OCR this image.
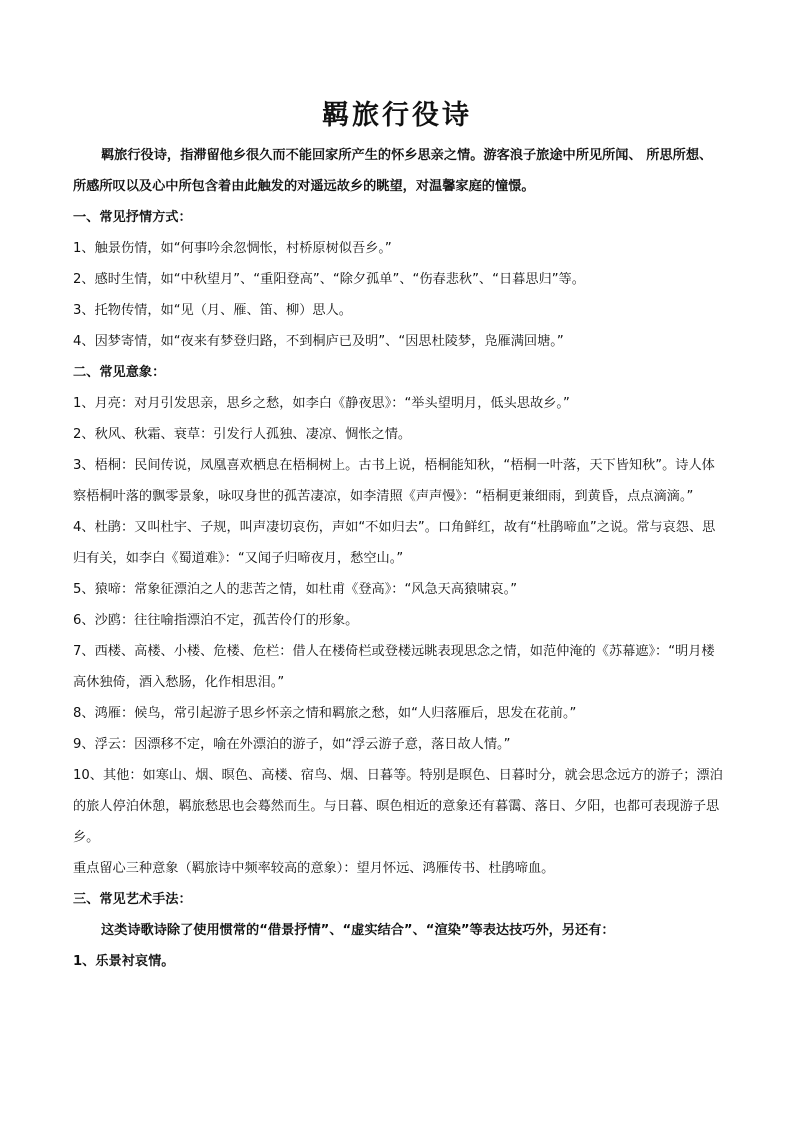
羁旅行役诗

羁旅行役诗，指滞留他乡很久而不能回家所产生的怀乡思亲之情。游客浪子旅途中所见所闻、 所思所想、所感所叹以及心中所包含着由此触发的对遥远故乡的眺望，对温馨家庭的憧憬。

一、常见抒情方式：

1、触景伤情，如“何事吟余忽惆怅，村桥原树似吾乡。”

2、感时生情，如“中秋望月”、“重阳登高”、“除夕孤单”、“伤春悲秋”、“日暮思归”等。

3、托物传情，如“见（月、雁、笛、柳）思人。

4、因梦寄情，如“夜来有梦登归路，不到桐庐已及明”、“因思杜陵梦，凫雁满回塘。”

二、常见意象：

1、月亮：对月引发思亲，思乡之愁，如李白《静夜思》：“举头望明月，低头思故乡。”

2、秋风、秋霜、衰草：引发行人孤独、凄凉、惆怅之情。

3、梧桐：民间传说，凤凰喜欢栖息在梧桐树上。古书上说，梧桐能知秋，“梧桐一叶落，天下皆知秋”。诗人体察梧桐叶落的飘零景象，咏叹身世的孤苦凄凉，如李清照《声声慢》：“梧桐更兼细雨，到黄昏，点点滴滴。”

4、杜鹃：又叫杜宇、子规，叫声凄切哀伤，声如“不如归去”。口角鲜红，故有“杜鹃啼血”之说。常与哀怨、思归有关，如李白《蜀道难》：“又闻子归啼夜月，愁空山。”

5、猿啼：常象征漂泊之人的悲苦之情，如杜甫《登高》：“风急天高猿啸哀。”

6、沙鸥：往往喻指漂泊不定，孤苦伶仃的形象。

7、西楼、高楼、小楼、危楼、危栏：借人在楼倚栏或登楼远眺表现思念之情，如范仲淹的《苏幕遮》：“明月楼高休独倚，酒入愁肠，化作相思泪。”

8、鸿雁：候鸟，常引起游子思乡怀亲之情和羁旅之愁，如“人归落雁后，思发在花前。”

9、浮云：因漂移不定，喻在外漂泊的游子，如“浮云游子意，落日故人情。”

10、其他：如寒山、烟、暝色、高楼、宿鸟、烟、日暮等。特别是暝色、日暮时分，就会思念远方的游子；漂泊的旅人停泊休憩，羁旅愁思也会蓦然而生。与日暮、暝色相近的意象还有暮霭、落日、夕阳，也都可表现游子思乡。

重点留心三种意象（羁旅诗中频率较高的意象）：望月怀远、鸿雁传书、杜鹃啼血。

三、常见艺术手法：

这类诗歌诗除了使用惯常的“借景抒情”、“虚实结合”、“渲染”等表达技巧外，另还有：

1、乐景衬哀情。
